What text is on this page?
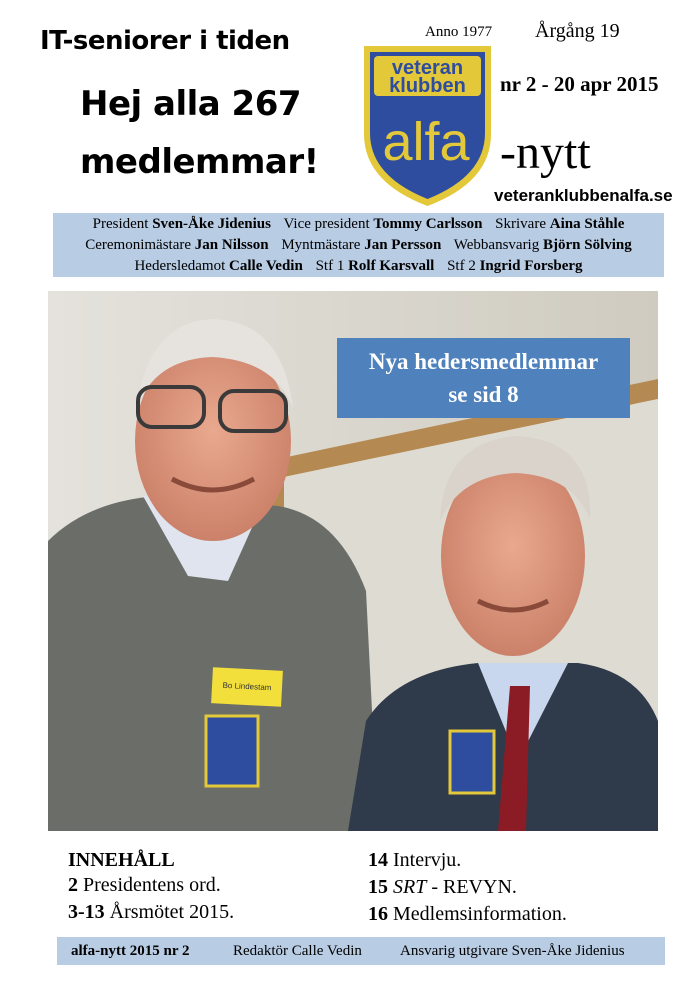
IT-seniorer i tiden
Hej alla 267
medlemmar!
Anno 1977 Årgång 19
nr 2 - 20 apr 2015
-nytt
veteranklubbenalfa.se
veteran
klubben
alfa
President Sven-Åke Jidenius Vice president Tommy Carlsson Skrivare Aina Ståhle
Ceremonimästare Jan Nilsson Myntmästare Jan Persson Webbansvarig Björn Sölving
Hedersledamot Calle Vedin Stf 1 Rolf Karsvall Stf 2 Ingrid Forsberg
Bo Lindestam
Nya hedersmedlemmar
se sid 8
INNEHÅLL
2 Presidentens ord.
3-13 Årsmötet 2015.
14 Intervju.
15 SRT - REVYN.
16 Medlemsinformation.
alfa-nytt 2015 nr 2	Redaktör Calle Vedin	Ansvarig utgivare Sven-Åke Jidenius
